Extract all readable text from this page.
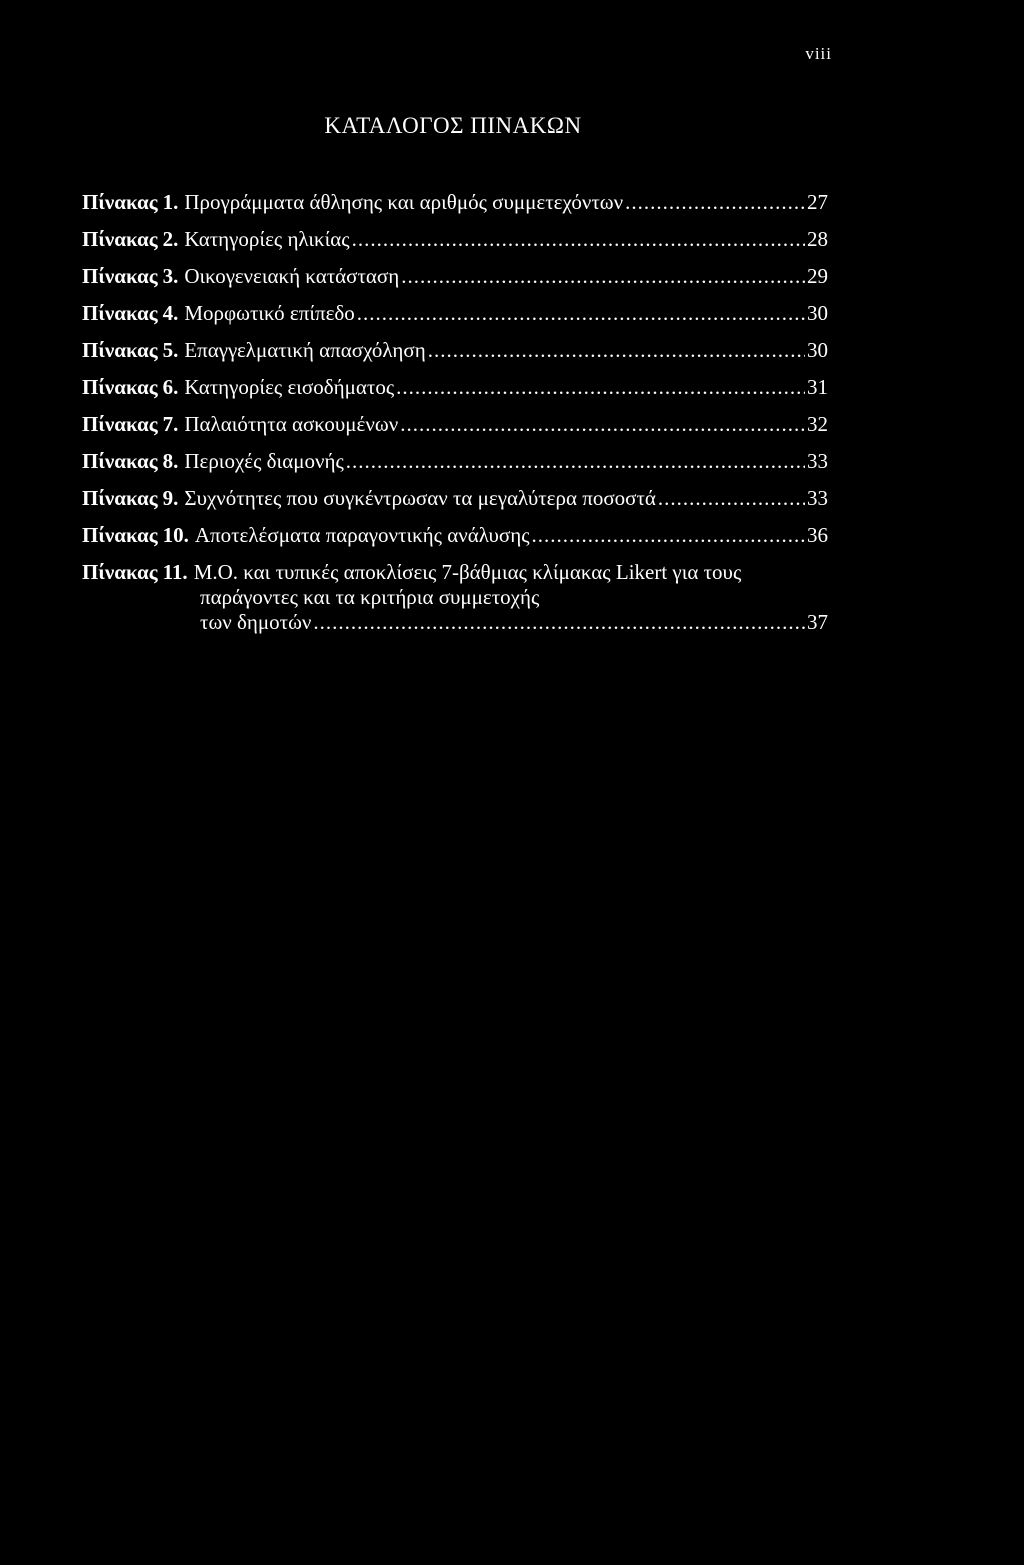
viii
ΚΑΤΑΛΟΓΟΣ ΠΙΝΑΚΩΝ
Πίνακας 1. Προγράμματα άθλησης και αριθμός συμμετεχόντων .....	27
Πίνακας 2. Κατηγορίες ηλικίας .....	28
Πίνακας 3. Οικογενειακή κατάσταση .....	29
Πίνακας 4. Μορφωτικό επίπεδο .....	30
Πίνακας 5. Επαγγελματική απασχόληση .....	30
Πίνακας 6. Κατηγορίες εισοδήματος .....	31
Πίνακας 7. Παλαιότητα ασκουμένων .....	32
Πίνακας 8. Περιοχές διαμονής .....	33
Πίνακας 9. Συχνότητες που συγκέντρωσαν τα μεγαλύτερα ποσοστά .....	33
Πίνακας 10. Αποτελέσματα παραγοντικής ανάλυσης .....	36
Πίνακας 11. Μ.Ο. και τυπικές αποκλίσεις 7-βάθμιας κλίμακας Likert για τους
παράγοντες και τα κριτήρια συμμετοχής
των δημοτών .....	37
